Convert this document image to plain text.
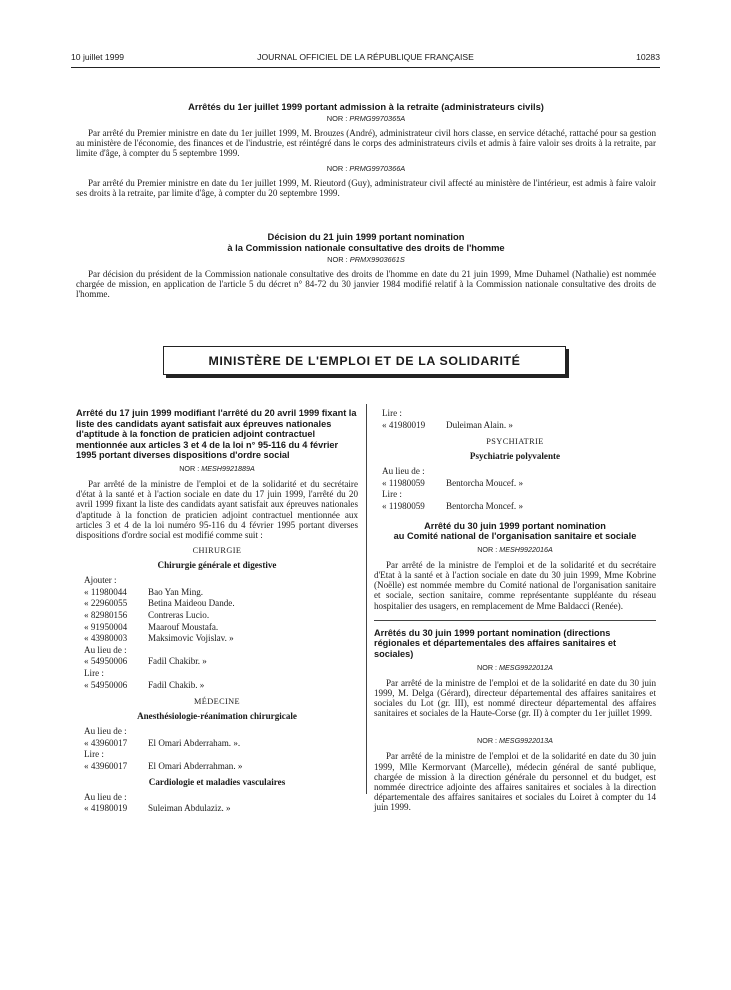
10 juillet 1999	JOURNAL OFFICIEL DE LA RÉPUBLIQUE FRANÇAISE	10283
Arrêtés du 1er juillet 1999 portant admission à la retraite (administrateurs civils)
NOR : PRMG9970365A

Par arrêté du Premier ministre en date du 1er juillet 1999, M. Brouzes (André), administrateur civil hors classe, en service détaché, rattaché pour sa gestion au ministère de l'économie, des finances et de l'industrie, est réintégré dans le corps des administrateurs civils et admis à faire valoir ses droits à la retraite, par limite d'âge, à compter du 5 septembre 1999.

NOR : PRMG9970366A

Par arrêté du Premier ministre en date du 1er juillet 1999, M. Rieutord (Guy), administrateur civil affecté au ministère de l'intérieur, est admis à faire valoir ses droits à la retraite, par limite d'âge, à compter du 20 septembre 1999.

Décision du 21 juin 1999 portant nomination
à la Commission nationale consultative des droits de l'homme
NOR : PRMX9903661S

Par décision du président de la Commission nationale consultative des droits de l'homme en date du 21 juin 1999, Mme Duhamel (Nathalie) est nommée chargée de mission, en application de l'article 5 du décret n° 84-72 du 30 janvier 1984 modifié relatif à la Commission nationale consultative des droits de l'homme.

MINISTÈRE DE L'EMPLOI ET DE LA SOLIDARITÉ
Arrêté du 17 juin 1999 modifiant l'arrêté du 20 avril 1999 fixant la liste des candidats ayant satisfait aux épreuves nationales d'aptitude à la fonction de praticien adjoint contractuel mentionnée aux articles 3 et 4 de la loi n° 95-116 du 4 février 1995 portant diverses dispositions d'ordre social
NOR : MESH9921889A

Par arrêté de la ministre de l'emploi et de la solidarité et du secrétaire d'état à la santé et à l'action sociale en date du 17 juin 1999, l'arrêté du 20 avril 1999 fixant la liste des candidats ayant satisfait aux épreuves nationales d'aptitude à la fonction de praticien adjoint contractuel mentionnée aux articles 3 et 4 de la loi numéro 95-116 du 4 février 1995 portant diverses dispositions d'ordre social est modifié comme suit :

CHIRURGIE
Chirurgie générale et digestive
Ajouter :
« 11980044	Bao Yan Ming.
« 22960055	Betina Maideou Dande.
« 82980156	Contreras Lucio.
« 91950004	Maarouf Moustafa.
« 43980003	Maksimovic Vojislav. »
Au lieu de :
« 54950006	Fadil Chakibr. »
Lire :
« 54950006	Fadil Chakib. »
MÉDECINE
Anesthésiologie-réanimation chirurgicale
Au lieu de :
« 43960017	El Omari Abderraham. ».
Lire :
« 43960017	El Omari Abderrahman. »
Cardiologie et maladies vasculaires
Au lieu de :
« 41980019	Suleiman Abdulaziz. »
Lire :
« 41980019	Duleiman Alain. »
PSYCHIATRIE
Psychiatrie polyvalente
Au lieu de :
« 11980059	Bentorcha Moucef. »
Lire :
« 11980059	Bentorcha Moncef. »
Arrêté du 30 juin 1999 portant nomination
au Comité national de l'organisation sanitaire et sociale
NOR : MESH9922016A

Par arrêté de la ministre de l'emploi et de la solidarité et du secrétaire d'Etat à la santé et à l'action sociale en date du 30 juin 1999, Mme Kobrine (Noëlle) est nommée membre du Comité national de l'organisation sanitaire et sociale, section sanitaire, comme représentante suppléante du réseau hospitalier des usagers, en remplacement de Mme Baldacci (Renée).

Arrêtés du 30 juin 1999 portant nomination (directions régionales et départementales des affaires sanitaires et sociales)
NOR : MESG9922012A

Par arrêté de la ministre de l'emploi et de la solidarité en date du 30 juin 1999, M. Delga (Gérard), directeur départemental des affaires sanitaires et sociales du Lot (gr. III), est nommé directeur départemental des affaires sanitaires et sociales de la Haute-Corse (gr. II) à compter du 1er juillet 1999.

NOR : MESG9922013A

Par arrêté de la ministre de l'emploi et de la solidarité en date du 30 juin 1999, Mlle Kermorvant (Marcelle), médecin général de santé publique, chargée de mission à la direction générale du personnel et du budget, est nommée directrice adjointe des affaires sanitaires et sociales à la direction départementale des affaires sanitaires et sociales du Loiret à compter du 14 juin 1999.
